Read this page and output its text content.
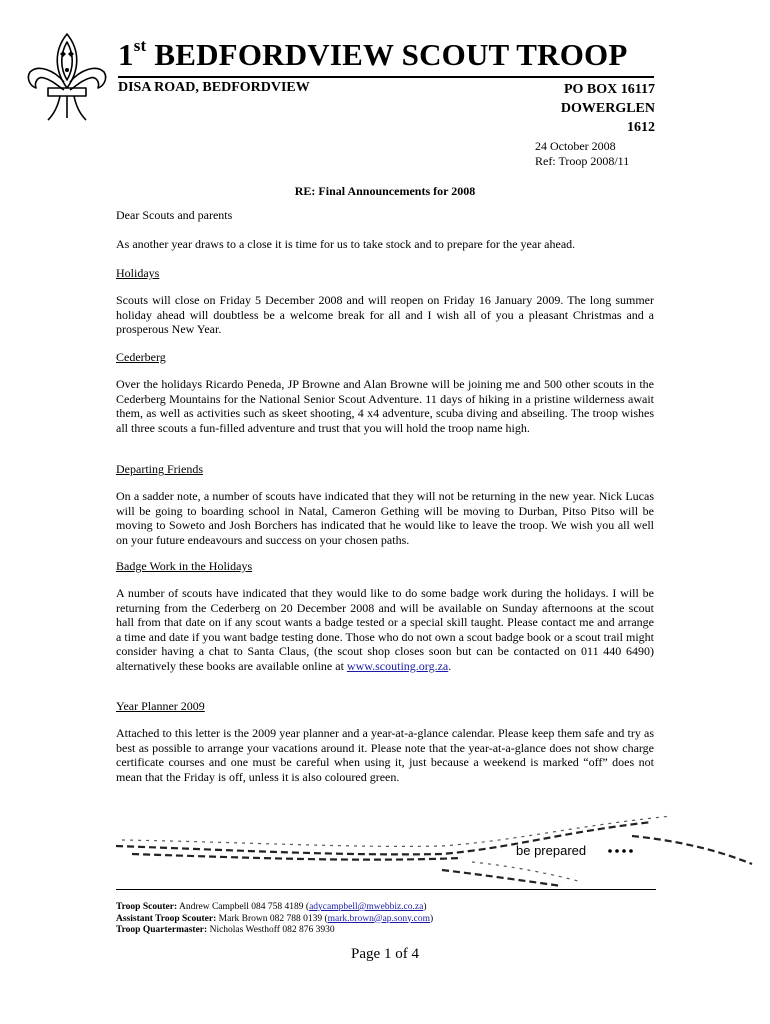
1st BEDFORDVIEW SCOUT TROOP
DISA ROAD, BEDFORDVIEW	PO BOX 16117
DOWERGLEN
1612
24 October 2008
Ref: Troop 2008/11
RE: Final Announcements for 2008

Dear Scouts and parents

As another year draws to a close it is time for us to take stock and to prepare for the year ahead.

Holidays

Scouts will close on Friday 5 December 2008 and will reopen on Friday 16 January 2009. The long summer holiday ahead will doubtless be a welcome break for all and I wish all of you a pleasant Christmas and a prosperous New Year.

Cederberg

Over the holidays Ricardo Peneda, JP Browne and Alan Browne will be joining me and 500 other scouts in the Cederberg Mountains for the National Senior Scout Adventure. 11 days of hiking in a pristine wilderness await them, as well as activities such as skeet shooting, 4 x4 adventure, scuba diving and abseiling. The troop wishes all three scouts a fun-filled adventure and trust that you will hold the troop name high.

Departing Friends

On a sadder note, a number of scouts have indicated that they will not be returning in the new year. Nick Lucas will be going to boarding school in Natal, Cameron Gething will be moving to Durban, Pitso Pitso will be moving to Soweto and Josh Borchers has indicated that he would like to leave the troop. We wish you all well on your future endeavours and success on your chosen paths.

Badge Work in the Holidays

A number of scouts have indicated that they would like to do some badge work during the holidays. I will be returning from the Cederberg on 20 December 2008 and will be available on Sunday afternoons at the scout hall from that date on if any scout wants a badge tested or a special skill taught. Please contact me and arrange a time and date if you want badge testing done. Those who do not own a scout badge book or a scout trail might consider having a chat to Santa Claus, (the scout shop closes soon but can be contacted on 011 440 6490) alternatively these books are available online at www.scouting.org.za.

Year Planner 2009

Attached to this letter is the 2009 year planner and a year-at-a-glance calendar. Please keep them safe and try as best as possible to arrange your vacations around it. Please note that the year-at-a-glance does not show charge certificate courses and one must be careful when using it, just because a weekend is marked “off” does not mean that the Friday is off, unless it is also coloured green.

be prepared
Troop Scouter: Andrew Campbell 084 758 4189 (adycampbell@mwebbiz.co.za)
Assistant Troop Scouter: Mark Brown 082 788 0139 (mark.brown@ap.sony.com)
Troop Quartermaster: Nicholas Westhoff 082 876 3930
Page 1 of 4
